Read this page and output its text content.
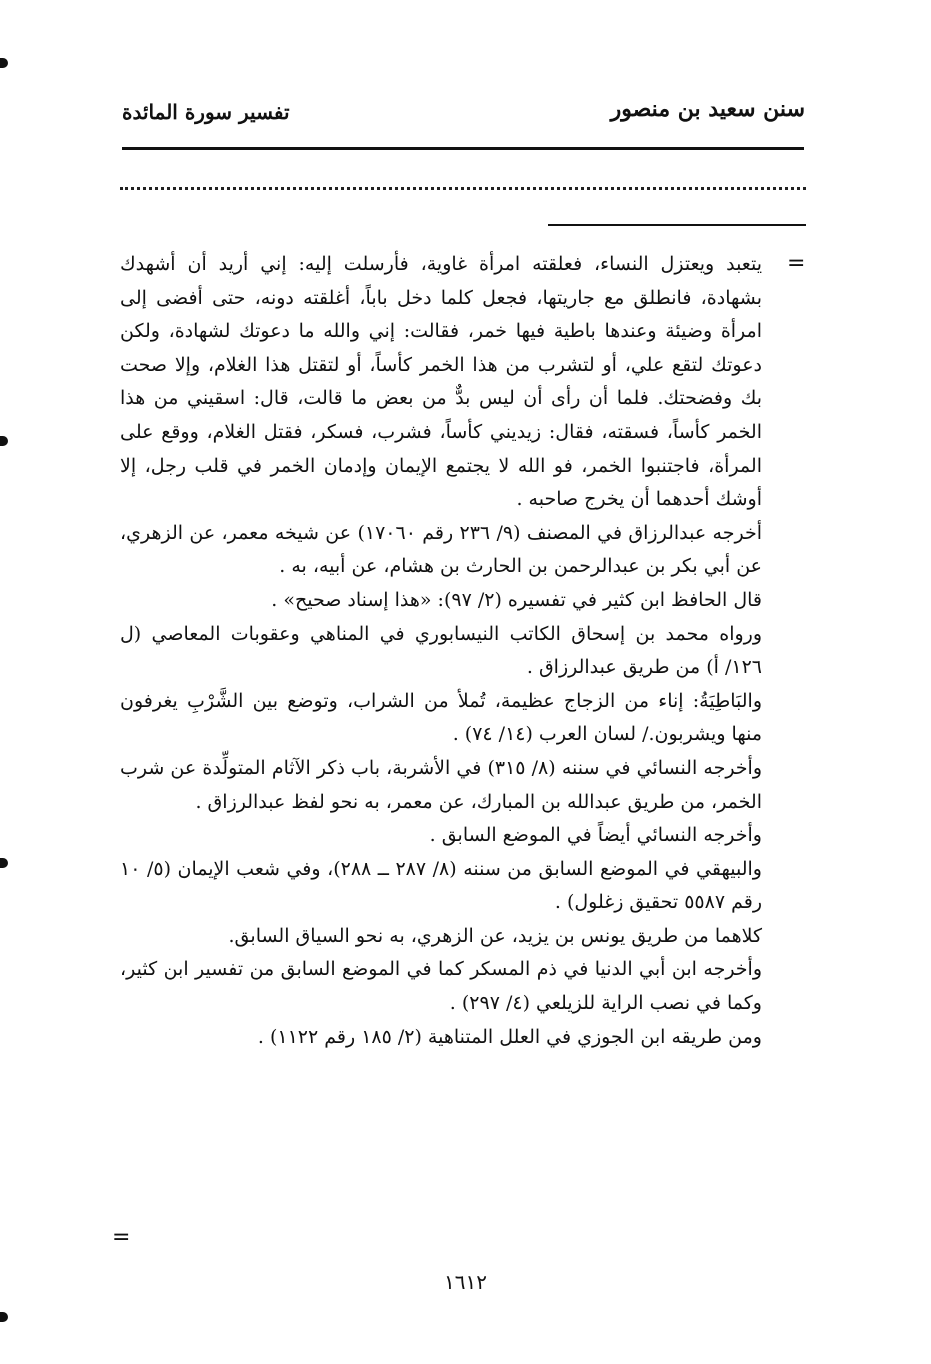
سنن سعيد بن منصور
تفسير سورة المائدة
=

يتعبد ويعتزل النساء، فعلقته امرأة غاوية، فأرسلت إليه: إني أريد أن أشهدك بشهادة، فانطلق مع جاريتها، فجعل كلما دخل باباً، أغلقته دونه، حتى أفضى إلى امرأة وضيئة وعندها باطية فيها خمر، فقالت: إني والله ما دعوتك لشهادة، ولكن دعوتك لتقع علي، أو لتشرب من هذا الخمر كأساً، أو لتقتل هذا الغلام، وإلا صحت بك وفضحتك. فلما أن رأى أن ليس بدٌّ من بعض ما قالت، قال: اسقيني من هذا الخمر كأساً، فسقته، فقال: زيديني كأساً، فشرب، فسكر، فقتل الغلام، ووقع على المرأة، فاجتنبوا الخمر، فو الله لا يجتمع الإيمان وإدمان الخمر في قلب رجل، إلا أوشك أحدهما أن يخرج صاحبه .

أخرجه عبدالرزاق في المصنف (٩/ ٢٣٦ رقم ١٧٠٦٠) عن شيخه معمر، عن الزهري، عن أبي بكر بن عبدالرحمن بن الحارث بن هشام، عن أبيه، به .

قال الحافظ ابن كثير في تفسيره (٢/ ٩٧): «هذا إسناد صحيح» .

ورواه محمد بن إسحاق الكاتب النيسابوري في المناهي وعقوبات المعاصي (ل ١٢٦/ أ) من طريق عبدالرزاق .

والبَاطِيَةُ: إناء من الزجاج عظيمة، تُملأ من الشراب، وتوضع بين الشَّرْبِ يغرفون منها ويشربون./ لسان العرب (١٤/ ٧٤) .

وأخرجه النسائي في سننه (٨/ ٣١٥) في الأشربة، باب ذكر الآثام المتولِّدة عن شرب الخمر، من طريق عبدالله بن المبارك، عن معمر، به نحو لفظ عبدالرزاق .

وأخرجه النسائي أيضاً في الموضع السابق .

والبيهقي في الموضع السابق من سننه (٨/ ٢٨٧ ــ ٢٨٨)، وفي شعب الإيمان (٥/ ١٠ رقم ٥٥٨٧ تحقيق زغلول) .

كلاهما من طريق يونس بن يزيد، عن الزهري، به نحو السياق السابق.

وأخرجه ابن أبي الدنيا في ذم المسكر كما في الموضع السابق من تفسير ابن كثير، وكما في نصب الراية للزيلعي (٤/ ٢٩٧) .

ومن طريقه ابن الجوزي في العلل المتناهية (٢/ ١٨٥ رقم ١١٢٢) .

=
١٦١٢
